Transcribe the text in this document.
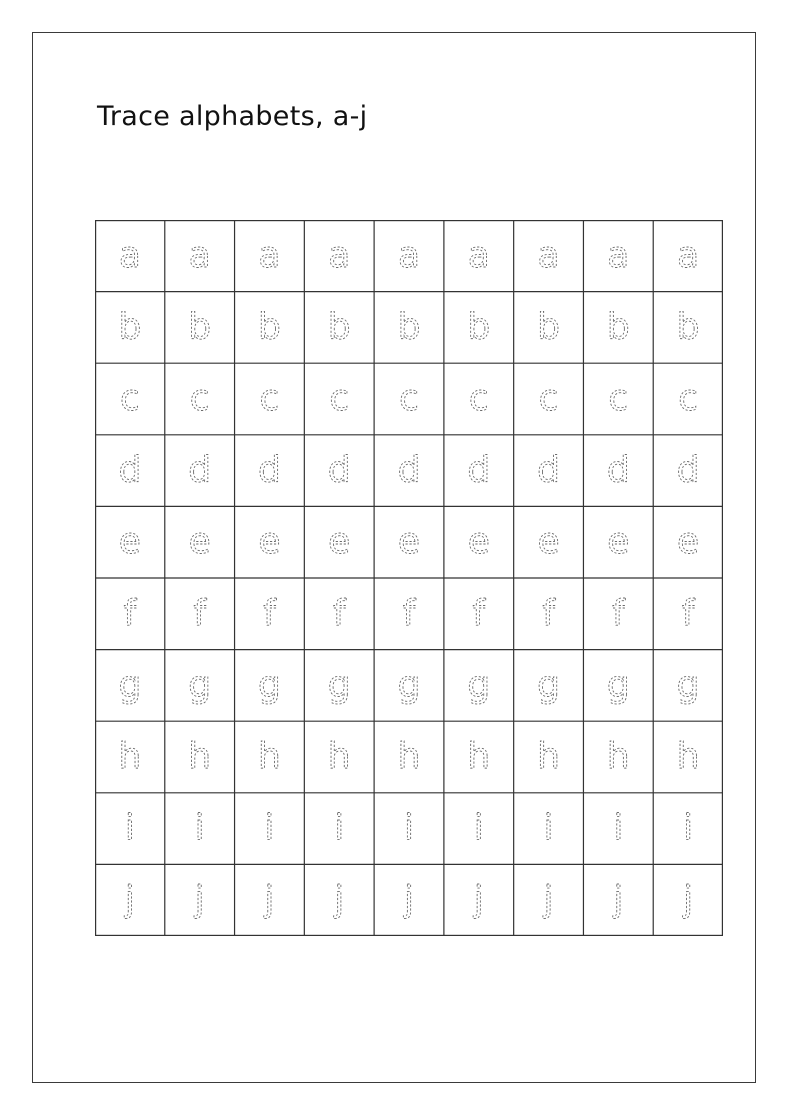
Trace alphabets, a-j
a a a a a a a a a
b b b b b b b b b
c c c c c c c c c
d d d d d d d d d
e e e e e e e e e
f f f f f f f f f
g g g g g g g g g
h h h h h h h h h
i i i i i i i i i
j j j j j j j j j
